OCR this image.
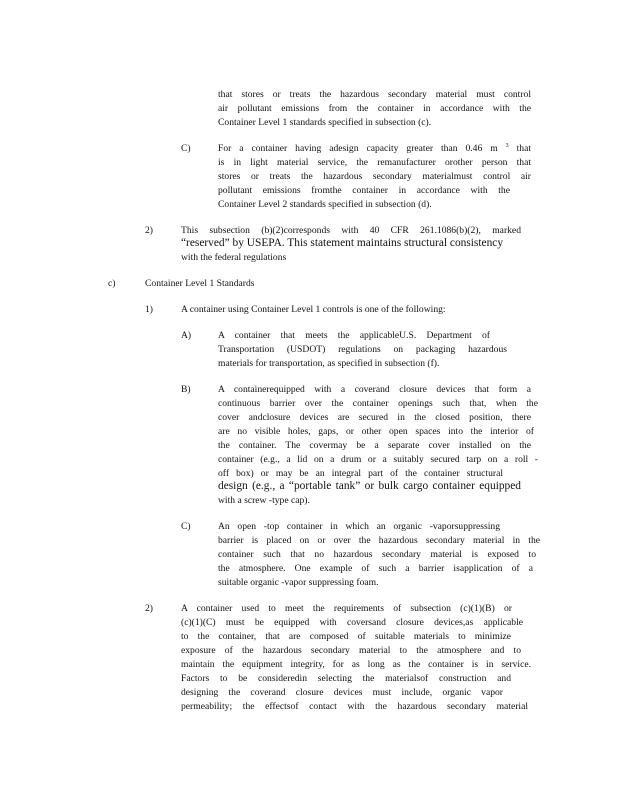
that stores or treats the hazardous secondary material must control
air pollutant emissions from the container in accordance with the
Container Level 1 standards specified in subsection (c).
C)	For a container having adesign capacity greater than 0.46 m $^3$ that
is in light material service, the remanufacturer orother person that
stores or treats the hazardous secondary materialmust control air
pollutant emissions fromthe container in accordance with the
Container Level 2 standards specified in subsection (d).
2)	This subsection (b)(2)corresponds with 40 CFR 261.1086(b)(2), marked
“reserved” by USEPA. This statement maintains structural consistency
with the federal regulations
c)	Container Level 1 Standards
1)	A container using Container Level 1 controls is one of the following:
A)	A container that meets the applicableU.S. Department of
Transportation (USDOT) regulations on packaging hazardous
materials for transportation, as specified in subsection (f).
B)	A containerequipped with a coverand closure devices that form a
continuous barrier over the container openings such that, when the
cover andclosure devices are secured in the closed position, there
are no visible holes, gaps, or other open spaces into the interior of
the container. The covermay be a separate cover installed on the
container (e.g., a lid on a drum or a suitably secured tarp on a roll -
off box) or may be an integral part of the container structural
design (e.g., a “portable tank” or bulk cargo container equipped
with a screw -type cap).
C)	An open -top container in which an organic -vaporsuppressing
barrier is placed on or over the hazardous secondary material in the
container such that no hazardous secondary material is exposed to
the atmosphere. One example of such a barrier isapplication of a
suitable organic -vapor suppressing foam.
2)	A container used to meet the requirements of subsection (c)(1)(B) or
(c)(1)(C) must be equipped with coversand closure devices,as applicable
to the container, that are composed of suitable materials to minimize
exposure of the hazardous secondary material to the atmosphere and to
maintain the equipment integrity, for as long as the container is in service.
Factors to be consideredin selecting the materialsof construction and
designing the coverand closure devices must include, organic vapor
permeability; the effectsof contact with the hazardous secondary material
